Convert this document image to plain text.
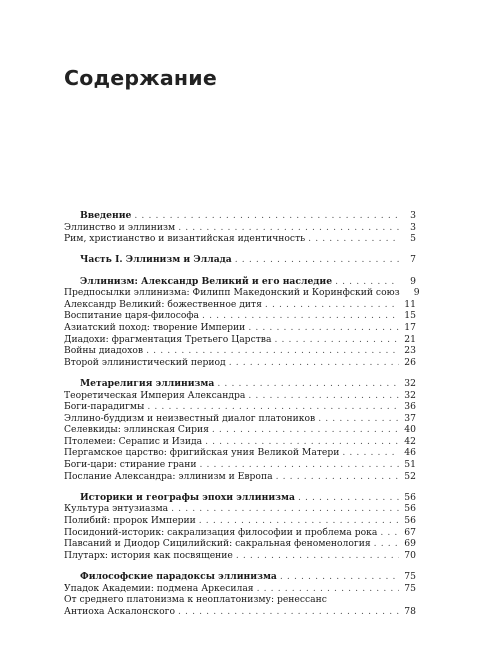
Содержание
Введение . . .	3
Эллинство и эллинизм . . .	3
Рим, христианство и византийская идентичность . . .	5
Часть I. Эллинизм и Эллада . . .	7
Эллинизм: Александр Великий и его наследие . . .	9
Предпосылки эллинизма: Филипп Македонский и Коринфский союз	9
Александр Великий: божественное дитя . . .	11
Воспитание царя-философа . . .	15
Азиатский поход: творение Империи . . .	17
Диадохи: фрагментация Третьего Царства . . .	21
Войны диадохов . . .	23
Второй эллинистический период . . .	26
Метарелигия эллинизма . . .	32
Теоретическая Империя Александра . . .	32
Боги-парадигмы . . .	36
Эллино-буддизм и неизвестный диалог платоников . . .	37
Селевкиды: эллинская Сирия . . .	40
Птолемеи: Серапис и Изида . . .	42
Пергамское царство: фригийская уния Великой Матери . . .	46
Боги-цари: стирание грани . . .	51
Послание Александра: эллинизм и Европа . . .	52
Историки и географы эпохи эллинизма . . .	56
Культура энтузиазма . . .	56
Полибий: пророк Империи . . .	56
Посидоний-историк: сакрализация философии и проблема рока . . .	67
Павсаний и Диодор Сицилийский: сакральная феноменология . . .	69
Плутарх: история как посвящение . . .	70
Философские парадоксы эллинизма . . .	75
Упадок Академии: подмена Аркесилая . . .	75
От среднего платонизма к неоплатонизму: ренессанс
Антиоха Аскалонского . . .	78
